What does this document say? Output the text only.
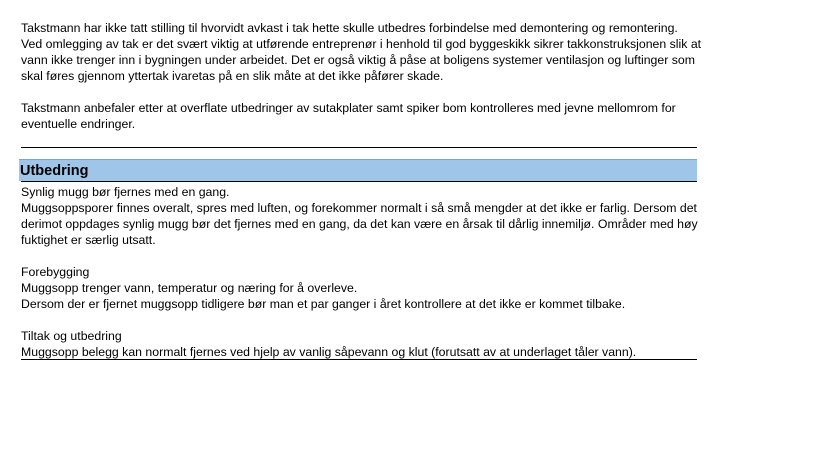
Takstmann har ikke tatt stilling til hvorvidt avkast i tak hette skulle utbedres forbindelse med demontering og remontering.
Ved omlegging av tak er det svært viktig at utførende entreprenør i henhold til god byggeskikk sikrer takkonstruksjonen slik at
vann ikke trenger inn i bygningen under arbeidet. Det er også viktig å påse at boligens systemer ventilasjon og luftinger som
skal føres gjennom yttertak ivaretas på en slik måte at det ikke påfører skade.

Takstmann anbefaler etter at overflate utbedringer av sutakplater samt spiker bom kontrolleres med jevne mellomrom for
eventuelle endringer.

Utbedring

Synlig mugg bør fjernes med en gang.
Muggsoppsporer finnes overalt, spres med luften, og forekommer normalt i så små mengder at det ikke er farlig. Dersom det
derimot oppdages synlig mugg bør det fjernes med en gang, da det kan være en årsak til dårlig innemiljø. Områder med høy
fuktighet er særlig utsatt.

Forebygging
Muggsopp trenger vann, temperatur og næring for å overleve.
Dersom der er fjernet muggsopp tidligere bør man et par ganger i året kontrollere at det ikke er kommet tilbake.

Tiltak og utbedring
Muggsopp belegg kan normalt fjernes ved hjelp av vanlig såpevann og klut (forutsatt av at underlaget tåler vann).
